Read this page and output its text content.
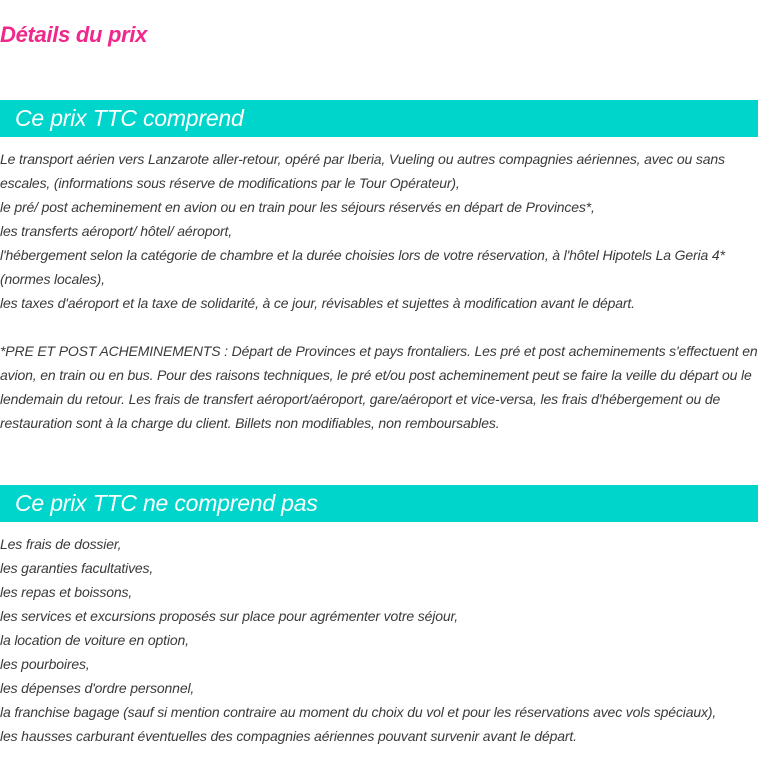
Détails du prix
Ce prix TTC comprend

Le transport aérien vers Lanzarote aller-retour, opéré par Iberia, Vueling ou autres compagnies aériennes, avec ou sans escales, (informations sous réserve de modifications par le Tour Opérateur),

le pré/ post acheminement en avion ou en train pour les séjours réservés en départ de Provinces*,

les transferts aéroport/ hôtel/ aéroport,

l'hébergement selon la catégorie de chambre et la durée choisies lors de votre réservation, à l'hôtel Hipotels La Geria 4* (normes locales),

les taxes d'aéroport et la taxe de solidarité, à ce jour, révisables et sujettes à modification avant le départ.

*PRE ET POST ACHEMINEMENTS : Départ de Provinces et pays frontaliers. Les pré et post acheminements s'effectuent en avion, en train ou en bus. Pour des raisons techniques, le pré et/ou post acheminement peut se faire la veille du départ ou le lendemain du retour. Les frais de transfert aéroport/aéroport, gare/aéroport et vice-versa, les frais d'hébergement ou de restauration sont à la charge du client. Billets non modifiables, non remboursables.

Ce prix TTC ne comprend pas

Les frais de dossier,

les garanties facultatives,

les repas et boissons,

les services et excursions proposés sur place pour agrémenter votre séjour,

la location de voiture en option,

les pourboires,

les dépenses d'ordre personnel,

la franchise bagage (sauf si mention contraire au moment du choix du vol et pour les réservations avec vols spéciaux),

les hausses carburant éventuelles des compagnies aériennes pouvant survenir avant le départ.
